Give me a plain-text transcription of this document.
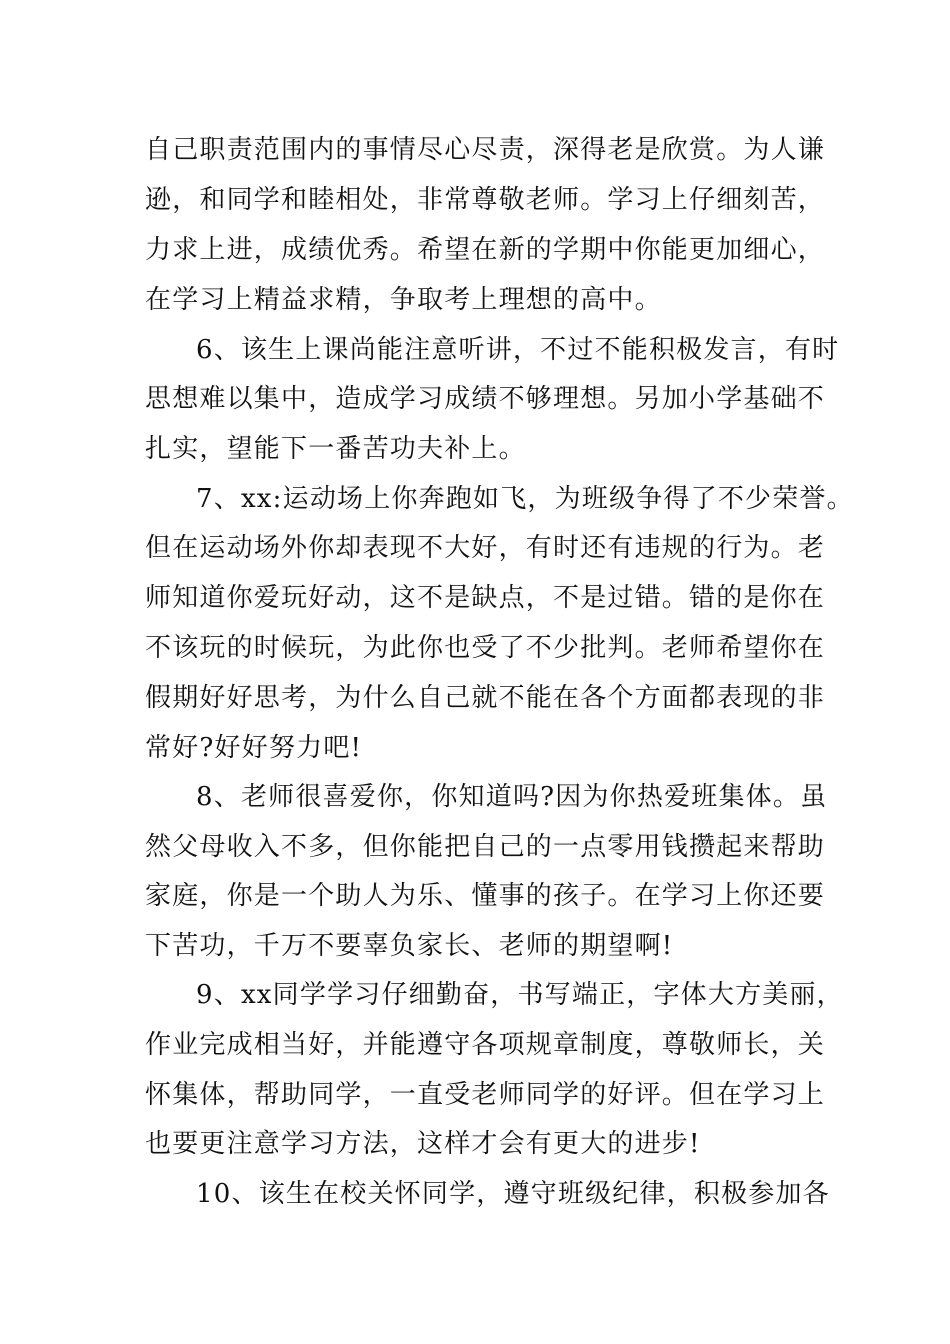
自己职责范围内的事情尽心尽责，深得老是欣赏。为人谦
逊，和同学和睦相处，非常尊敬老师。学习上仔细刻苦，
力求上进，成绩优秀。希望在新的学期中你能更加细心，
在学习上精益求精，争取考上理想的高中。
6、该生上课尚能注意听讲，不过不能积极发言，有时
思想难以集中，造成学习成绩不够理想。另加小学基础不
扎实，望能下一番苦功夫补上。
7、xx:运动场上你奔跑如飞，为班级争得了不少荣誉。
但在运动场外你却表现不大好，有时还有违规的行为。老
师知道你爱玩好动，这不是缺点，不是过错。错的是你在
不该玩的时候玩，为此你也受了不少批判。老师希望你在
假期好好思考，为什么自己就不能在各个方面都表现的非
常好?好好努力吧!
8、老师很喜爱你，你知道吗?因为你热爱班集体。虽
然父母收入不多，但你能把自己的一点零用钱攒起来帮助
家庭，你是一个助人为乐、懂事的孩子。在学习上你还要
下苦功，千万不要辜负家长、老师的期望啊!
9、xx同学学习仔细勤奋，书写端正，字体大方美丽，
作业完成相当好，并能遵守各项规章制度，尊敬师长，关
怀集体，帮助同学，一直受老师同学的好评。但在学习上
也要更注意学习方法，这样才会有更大的进步!
10、该生在校关怀同学，遵守班级纪律，积极参加各
